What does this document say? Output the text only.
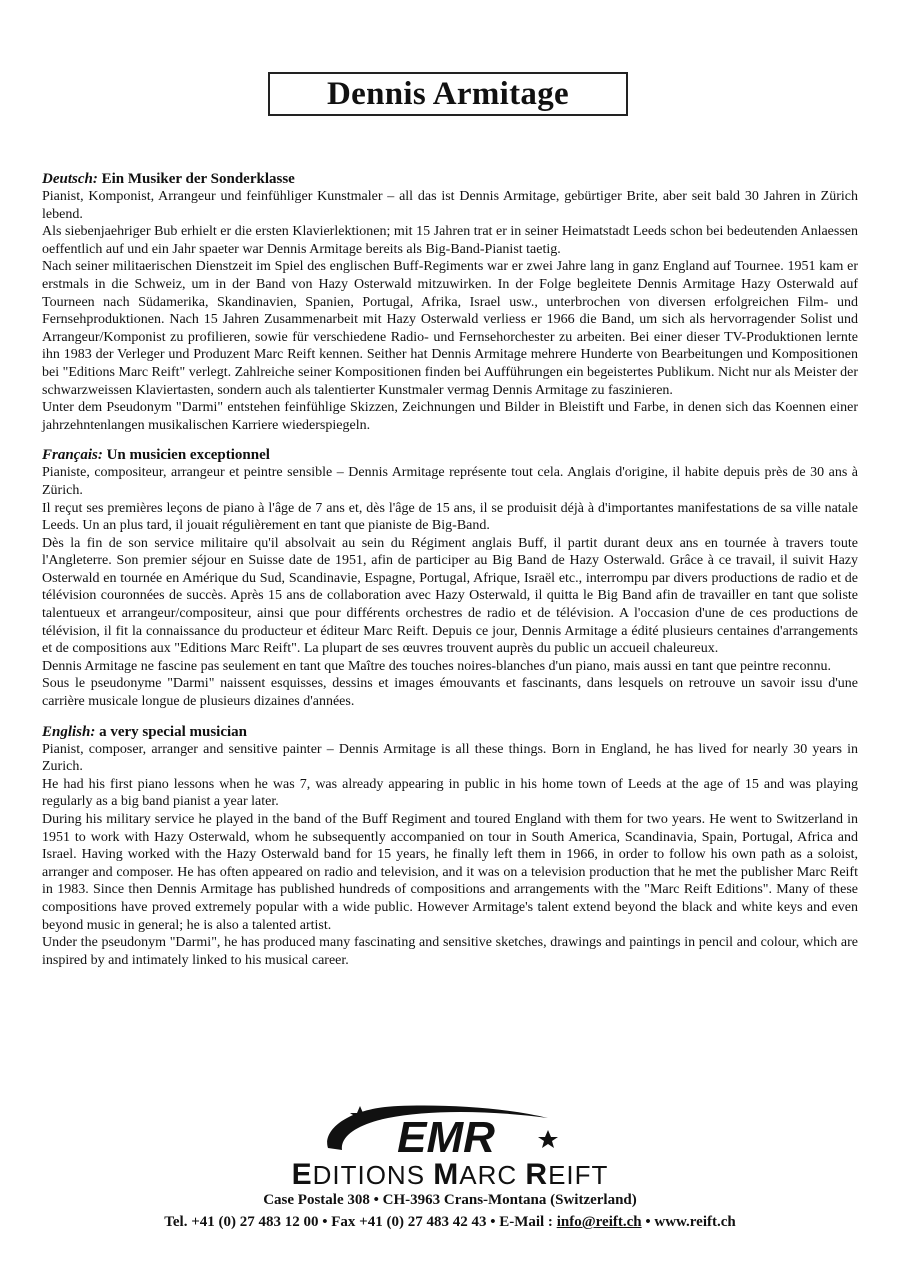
Dennis Armitage
Deutsch: Ein Musiker der Sonderklasse

Pianist, Komponist, Arrangeur und feinfühliger Kunstmaler – all das ist Dennis Armitage, gebürtiger Brite, aber seit bald 30 Jahren in Zürich lebend.

Als siebenjaehriger Bub erhielt er die ersten Klavierlektionen; mit 15 Jahren trat er in seiner Heimatstadt Leeds schon bei bedeutenden Anlaessen oeffentlich auf und ein Jahr spaeter war Dennis Armitage bereits als Big-Band-Pianist taetig.

Nach seiner militaerischen Dienstzeit im Spiel des englischen Buff-Regiments war er zwei Jahre lang in ganz England auf Tournee. 1951 kam er erstmals in die Schweiz, um in der Band von Hazy Osterwald mitzuwirken. In der Folge begleitete Dennis Armitage Hazy Osterwald auf Tourneen nach Südamerika, Skandinavien, Spanien, Portugal, Afrika, Israel usw., unterbrochen von diversen erfolgreichen Film- und Fernsehproduktionen. Nach 15 Jahren Zusammenarbeit mit Hazy Osterwald verliess er 1966 die Band, um sich als hervorragender Solist und Arrangeur/Komponist zu profilieren, sowie für verschiedene Radio- und Fernsehorchester zu arbeiten. Bei einer dieser TV-Produktionen lernte ihn 1983 der Verleger und Produzent Marc Reift kennen. Seither hat Dennis Armitage mehrere Hunderte von Bearbeitungen und Kompositionen bei "Editions Marc Reift" verlegt. Zahlreiche seiner Kompositionen finden bei Aufführungen ein begeistertes Publikum. Nicht nur als Meister der schwarzweissen Klaviertasten, sondern auch als talentierter Kunstmaler vermag Dennis Armitage zu faszinieren.

Unter dem Pseudonym "Darmi" entstehen feinfühlige Skizzen, Zeichnungen und Bilder in Bleistift und Farbe, in denen sich das Koennen einer jahrzehntenlangen musikalischen Karriere wiederspiegeln.

Français: Un musicien exceptionnel

Pianiste, compositeur, arrangeur et peintre sensible – Dennis Armitage représente tout cela. Anglais d'origine, il habite depuis près de 30 ans à Zürich.

Il reçut ses premières leçons de piano à l'âge de 7 ans et, dès l'âge de 15 ans, il se produisit déjà à d'importantes manifestations de sa ville natale Leeds. Un an plus tard, il jouait régulièrement en tant que pianiste de Big-Band.

Dès la fin de son service militaire qu'il absolvait au sein du Régiment anglais Buff, il partit durant deux ans en tournée à travers toute l'Angleterre. Son premier séjour en Suisse date de 1951, afin de participer au Big Band de Hazy Osterwald. Grâce à ce travail, il suivit Hazy Osterwald en tournée en Amérique du Sud, Scandinavie, Espagne, Portugal, Afrique, Israël etc., interrompu par divers productions de radio et de télévision couronnées de succès. Après 15 ans de collaboration avec Hazy Osterwald, il quitta le Big Band afin de travailler en tant que soliste talentueux et arrangeur/compositeur, ainsi que pour différents orchestres de radio et de télévision. A l'occasion d'une de ces productions de télévision, il fit la connaissance du producteur et éditeur Marc Reift. Depuis ce jour, Dennis Armitage a édité plusieurs centaines d'arrangements et de compositions aux "Editions Marc Reift". La plupart de ses œuvres trouvent auprès du public un accueil chaleureux.

Dennis Armitage ne fascine pas seulement en tant que Maître des touches noires-blanches d'un piano, mais aussi en tant que peintre reconnu.

Sous le pseudonyme "Darmi" naissent esquisses, dessins et images émouvants et fascinants, dans lesquels on retrouve un savoir issu d'une carrière musicale longue de plusieurs dizaines d'années.

English: a very special musician

Pianist, composer, arranger and sensitive painter – Dennis Armitage is all these things. Born in England, he has lived for nearly 30 years in Zurich.

He had his first piano lessons when he was 7, was already appearing in public in his home town of Leeds at the age of 15 and was playing regularly as a big band pianist a year later.

During his military service he played in the band of the Buff Regiment and toured England with them for two years. He went to Switzerland in 1951 to work with Hazy Osterwald, whom he subsequently accompanied on tour in South America, Scandinavia, Spain, Portugal, Africa and Israel. Having worked with the Hazy Osterwald band for 15 years, he finally left them in 1966, in order to follow his own path as a soloist, arranger and composer. He has often appeared on radio and television, and it was on a television production that he met the publisher Marc Reift in 1983. Since then Dennis Armitage has published hundreds of compositions and arrangements with the "Marc Reift Editions". Many of these compositions have proved extremely popular with a wide public. However Armitage's talent extend beyond the black and white keys and even beyond music in general; he is also a talented artist.

Under the pseudonym "Darmi", he has produced many fascinating and sensitive sketches, drawings and paintings in pencil and colour, which are inspired by and intimately linked to his musical career.

EMR
EDITIONS MARC REIFT
Case Postale 308 • CH-3963 Crans-Montana (Switzerland)
Tel. +41 (0) 27 483 12 00 • Fax +41 (0) 27 483 42 43 • E-Mail : info@reift.ch • www.reift.ch
